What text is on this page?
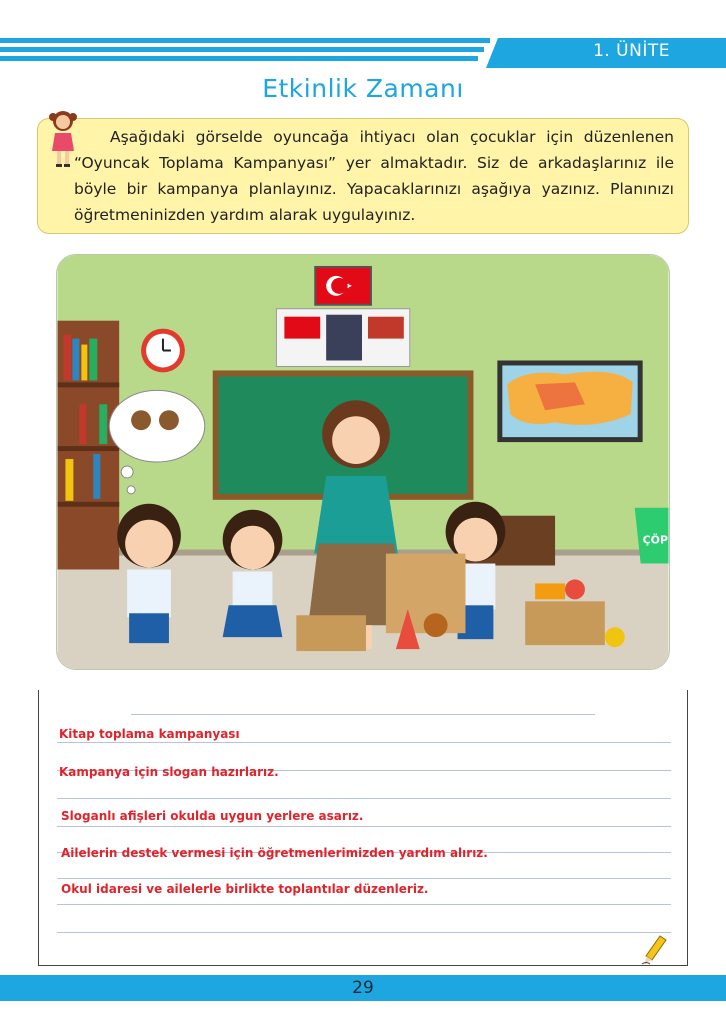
1. ÜNİTE
Etkinlik Zamanı
Aşağıdaki görselde oyuncağa ihtiyacı olan çocuklar için düzenlenen “Oyuncak Toplama Kampanyası” yer almaktadır. Siz de arkadaşlarınız ile böyle bir kampanya planlayınız. Yapacaklarınızı aşağıya yazınız. Planınızı öğretmeninizden yardım alarak uygulayınız.
ÇÖP
Kitap toplama kampanyası
Kampanya için slogan hazırlarız.
Sloganlı afişleri okulda uygun yerlere asarız.
Ailelerin destek vermesi için öğretmenlerimizden yardım alırız.
Okul idaresi ve ailelerle birlikte toplantılar düzenleriz.
29
